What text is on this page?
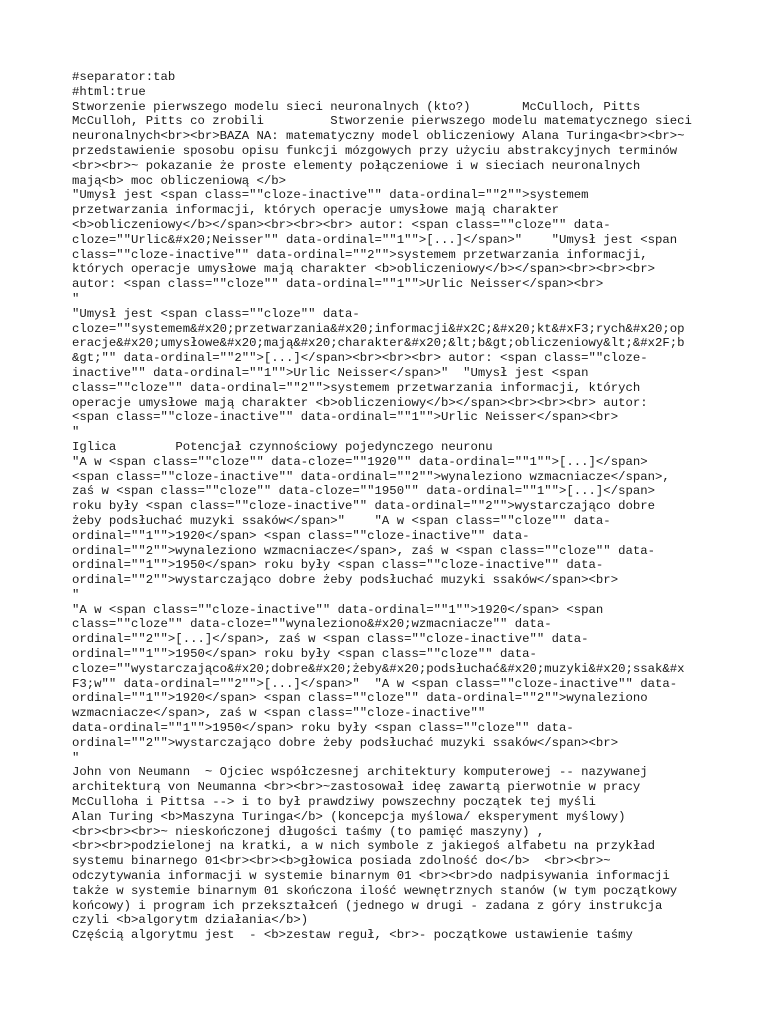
#separator:tab
#html:true
Stworzenie pierwszego modelu sieci neuronalnych (kto?)	McCulloch, Pitts
McCulloh, Pitts co zrobili	Stworzenie pierwszego modelu matematycznego sieci
neuronalnych<br><br>BAZA NA: matematyczny model obliczeniowy Alana Turinga<br><br>~
przedstawienie sposobu opisu funkcji mózgowych przy użyciu abstrakcyjnych terminów
<br><br>~ pokazanie że proste elementy połączeniowe i w sieciach neuronalnych
mają<b> moc obliczeniową </b>
"Umysł jest <span class=""cloze-inactive"" data-ordinal=""2"">systemem
przetwarzania informacji, których operacje umysłowe mają charakter
<b>obliczeniowy</b></span><br><br><br> autor: <span class=""cloze"" data-
cloze=""Urlic&#x20;Neisser"" data-ordinal=""1"">[...]</span>"    "Umysł jest <span
class=""cloze-inactive"" data-ordinal=""2"">systemem przetwarzania informacji,
których operacje umysłowe mają charakter <b>obliczeniowy</b></span><br><br><br>
autor: <span class=""cloze"" data-ordinal=""1"">Urlic Neisser</span><br>
"
"Umysł jest <span class=""cloze"" data-
cloze=""systemem&#x20;przetwarzania&#x20;informacji&#x2C;&#x20;kt&#xF3;rych&#x20;op
eracje&#x20;umysłowe&#x20;mają&#x20;charakter&#x20;&lt;b&gt;obliczeniowy&lt;&#x2F;b
&gt;"" data-ordinal=""2"">[...]</span><br><br><br> autor: <span class=""cloze-
inactive"" data-ordinal=""1"">Urlic Neisser</span>"  "Umysł jest <span
class=""cloze"" data-ordinal=""2"">systemem przetwarzania informacji, których
operacje umysłowe mają charakter <b>obliczeniowy</b></span><br><br><br> autor:
<span class=""cloze-inactive"" data-ordinal=""1"">Urlic Neisser</span><br>
"
Iglica	Potencjał czynnościowy pojedynczego neuronu
"A w <span class=""cloze"" data-cloze=""1920"" data-ordinal=""1"">[...]</span>
<span class=""cloze-inactive"" data-ordinal=""2"">wynaleziono wzmacniacze</span>,
zaś w <span class=""cloze"" data-cloze=""1950"" data-ordinal=""1"">[...]</span>
roku były <span class=""cloze-inactive"" data-ordinal=""2"">wystarczająco dobre
żeby podsłuchać muzyki ssaków</span>"    "A w <span class=""cloze"" data-
ordinal=""1"">1920</span> <span class=""cloze-inactive"" data-
ordinal=""2"">wynaleziono wzmacniacze</span>, zaś w <span class=""cloze"" data-
ordinal=""1"">1950</span> roku były <span class=""cloze-inactive"" data-
ordinal=""2"">wystarczająco dobre żeby podsłuchać muzyki ssaków</span><br>
"
"A w <span class=""cloze-inactive"" data-ordinal=""1"">1920</span> <span
class=""cloze"" data-cloze=""wynaleziono&#x20;wzmacniacze"" data-
ordinal=""2"">[...]</span>, zaś w <span class=""cloze-inactive"" data-
ordinal=""1"">1950</span> roku były <span class=""cloze"" data-
cloze=""wystarczająco&#x20;dobre&#x20;żeby&#x20;podsłuchać&#x20;muzyki&#x20;ssak&#x
F3;w"" data-ordinal=""2"">[...]</span>"  "A w <span class=""cloze-inactive"" data-
ordinal=""1"">1920</span> <span class=""cloze"" data-ordinal=""2"">wynaleziono
wzmacniacze</span>, zaś w <span class=""cloze-inactive""
data-ordinal=""1"">1950</span> roku były <span class=""cloze"" data-
ordinal=""2"">wystarczająco dobre żeby podsłuchać muzyki ssaków</span><br>
"
John von Neumann  ~ Ojciec współczesnej architektury komputerowej -- nazywanej
architekturą von Neumanna <br><br>~zastosował ideę zawartą pierwotnie w pracy
McCulloha i Pittsa --> i to był prawdziwy powszechny początek tej myśli
Alan Turing <b>Maszyna Turinga</b> (koncepcja myślowa/ eksperyment myślowy)
<br><br><br>~ nieskończonej długości taśmy (to pamięć maszyny) ,
<br><br>podzielonej na kratki, a w nich symbole z jakiegoś alfabetu na przykład
systemu binarnego 01<br><br><b>głowica posiada zdolność do</b>  <br><br>~
odczytywania informacji w systemie binarnym 01 <br><br>do nadpisywania informacji
także w systemie binarnym 01 skończona ilość wewnętrznych stanów (w tym początkowy
końcowy) i program ich przekształceń (jednego w drugi - zadana z góry instrukcja
czyli <b>algorytm działania</b>)
Częścią algorytmu jest  - <b>zestaw reguł, <br>- początkowe ustawienie taśmy
